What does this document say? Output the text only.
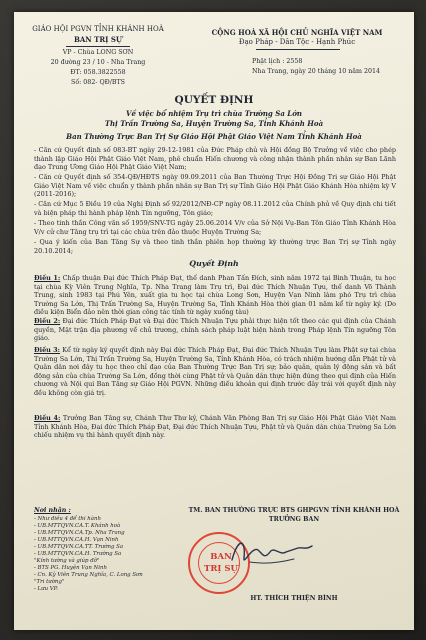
GIÁO HỘI PGVN TỈNH KHÁNH HOÀ
BAN TRỊ SỰ
VP - Chùa LONG SƠN
20 đường 23 / 10 - Nha Trang
ĐT: 058.3822558
Số: 082- QĐ/BTS
CỘNG HOÀ XÃ HỘI CHỦ NGHĨA VIỆT NAM
Đạo Pháp - Dân Tộc - Hạnh Phúc
Phật lịch : 2558
Nha Trang, ngày 20 tháng 10 năm 2014
QUYẾT ĐỊNH
Về việc bổ nhiệm Trụ trì chùa Trường Sa Lớn
Thị Trấn Trường Sa, Huyện Trường Sa, Tỉnh Khánh Hoà
Ban Thường Trực Ban Trị Sự Giáo Hội Phật Giáo Việt Nam Tỉnh Khánh Hoà
- Căn cứ Quyết định số 083-BT ngày 29-12-1981 của Đức Pháp chủ và Hội đồng Bộ Trưởng về việc cho phép thành lập Giáo Hội Phật Giáo Việt Nam, phê chuẩn Hiến chương và công nhận thành phần nhân sự Ban Lãnh đạo Trung Ương Giáo Hội Phật Giáo Việt Nam;
- Căn cứ Quyết định số 354-QĐ/HĐTS ngày 09.09.2011 của Ban Thường Trực Hội Đồng Trị sự Giáo Hội Phật Giáo Việt Nam về việc chuẩn y thành phần nhân sự Ban Trị sự Tỉnh Giáo Hội Phật Giáo Khánh Hòa nhiệm kỳ V (2011-2016);
- Căn cứ Mục 5 Điều 19 của Nghị Định số 92/2012/NĐ-CP ngày 08.11.2012 của Chính phủ về Quy định chi tiết và biện pháp thi hành pháp lệnh Tín ngưỡng, Tôn giáo;
- Theo tinh thần Công văn số 1959/SNV-TG ngày 25.06.2014 V/v của Sở Nội Vụ-Ban Tôn Giáo Tỉnh Khánh Hòa V/v cử chư Tăng trụ trì tại các chùa trên đảo thuộc Huyện Trường Sa;
- Qua ý kiến của Ban Tăng Sự và theo tinh thần phiên họp thường kỳ thường trực Ban Trị sự Tỉnh ngày 20.10.2014;
Quyết Định
Điều 1: Chấp thuận Đại đức Thích Pháp Đạt, thế danh Phan Tấn Đích, sinh năm 1972 tại Bình Thuận, tu học tại chùa Kỳ Viên Trung Nghĩa, Tp. Nha Trang làm Trụ trì, Đại đức Thích Nhuận Tựu, thế danh Võ Thành Trung, sinh 1983 tại Phú Yên, xuất gia tu học tại chùa Long Sơn, Huyện Vạn Ninh làm phó Trụ trì chùa Trường Sa Lớn, Thị Trấn Trường Sa, Huyện Trường Sa, Tỉnh Khánh Hòa thời gian 01 năm kể từ ngày ký. (Do điều kiện Biển đảo nên thời gian công tác tính từ ngày xuống tàu)
Điều 2: Đại đức Thích Pháp Đạt và Đại đức Thích Nhuận Tựu phải thực hiện tốt theo các qui định của Chánh quyền, Mặt trận địa phương về chủ trương, chính sách pháp luật hiện hành trong Pháp lệnh Tín ngưỡng Tôn giáo.
Điều 3: Kể từ ngày ký quyết định này Đại đức Thích Pháp Đạt, Đại đức Thích Nhuận Tựu làm Phật sự tại chùa Trường Sa Lớn, Thị Trấn Trường Sa, Huyện Trường Sa, Tỉnh Khánh Hòa, có trách nhiệm hướng dẫn Phật tử và Quân dân nơi đây tu học theo chỉ đạo của Ban Thường Trực Ban Trị sự; bảo quản, quản lý động sản và bất động sản của chùa Trường Sa Lớn, đồng thời cùng Phật tử và Quân dân thực hiện đúng theo qui định của Hiến chương và Nội qui Ban Tăng sự Giáo Hội PGVN. Những điều khoản qui định trước đây trái với quyết định này đều không còn giá trị.
Điều 4: Trưởng Ban Tăng sự, Chánh Thư Thư ký, Chánh Văn Phòng Ban Trị sự Giáo Hội Phật Giáo Việt Nam Tỉnh Khánh Hòa, Đại đức Thích Pháp Đạt, Đại đức Thích Nhuận Tựu, Phật tử và Quân dân chùa Trường Sa Lớn chiếu nhiệm vụ thi hành quyết định này.
Nơi nhận :
- Như điều 4 để thi hành
- UB.MTTQVN.CA.T. Khánh hoà
- UB.MTTQVN.CA.Tp. Nha Trang
- UB.MTTQVN.CA.H. Vạn Ninh
- UB.MTTQVN.CA.TT. Trường Sa
- UB.MTTQVN.CA.H. Trường Sa
"Kính tường và giúp đỡ"
- BTS PG. Huyện Vạn Ninh
- Cn. Kỳ Viên Trung Nghĩa, C. Long Sơn
"Tri tường"
- Lưu VP.
TM. BAN THƯỜNG TRỰC BTS GHPGVN TỈNH KHÁNH HOÀ
TRƯỞNG BAN
BAN
TRỊ SỰ
HT. THÍCH THIỆN BÌNH
